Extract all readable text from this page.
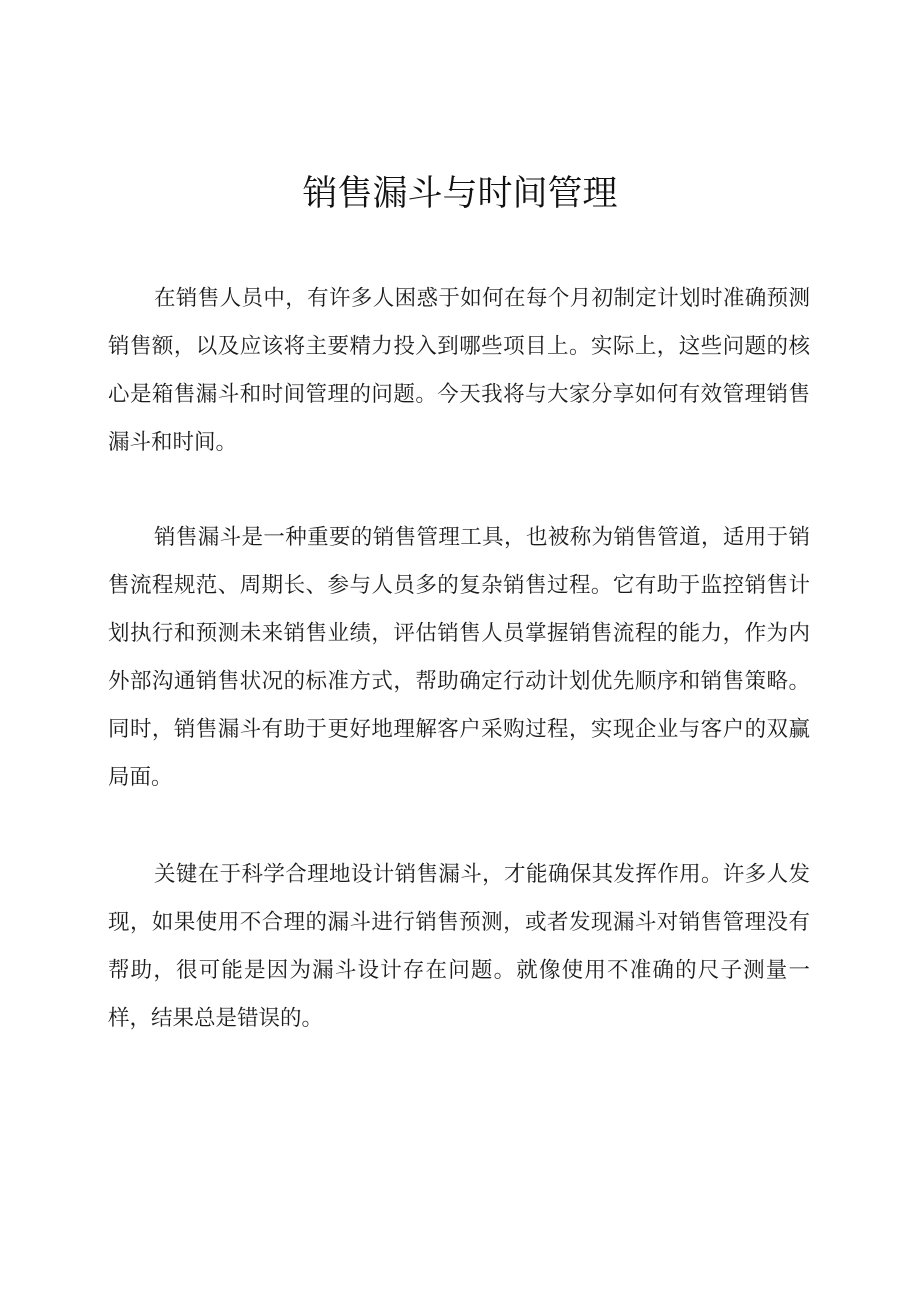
销售漏斗与时间管理

在销售人员中，有许多人困惑于如何在每个月初制定计划时准确预测销售额，以及应该将主要精力投入到哪些项目上。实际上，这些问题的核心是箱售漏斗和时间管理的问题。今天我将与大家分享如何有效管理销售漏斗和时间。

销售漏斗是一种重要的销售管理工具，也被称为销售管道，适用于销售流程规范、周期长、参与人员多的复杂销售过程。它有助于监控销售计划执行和预测未来销售业绩，评估销售人员掌握销售流程的能力，作为内外部沟通销售状况的标准方式，帮助确定行动计划优先顺序和销售策略。同时，销售漏斗有助于更好地理解客户采购过程，实现企业与客户的双赢局面。

关键在于科学合理地设计销售漏斗，才能确保其发挥作用。许多人发现，如果使用不合理的漏斗进行销售预测，或者发现漏斗对销售管理没有帮助，很可能是因为漏斗设计存在问题。就像使用不准确的尺子测量一样，结果总是错误的。
